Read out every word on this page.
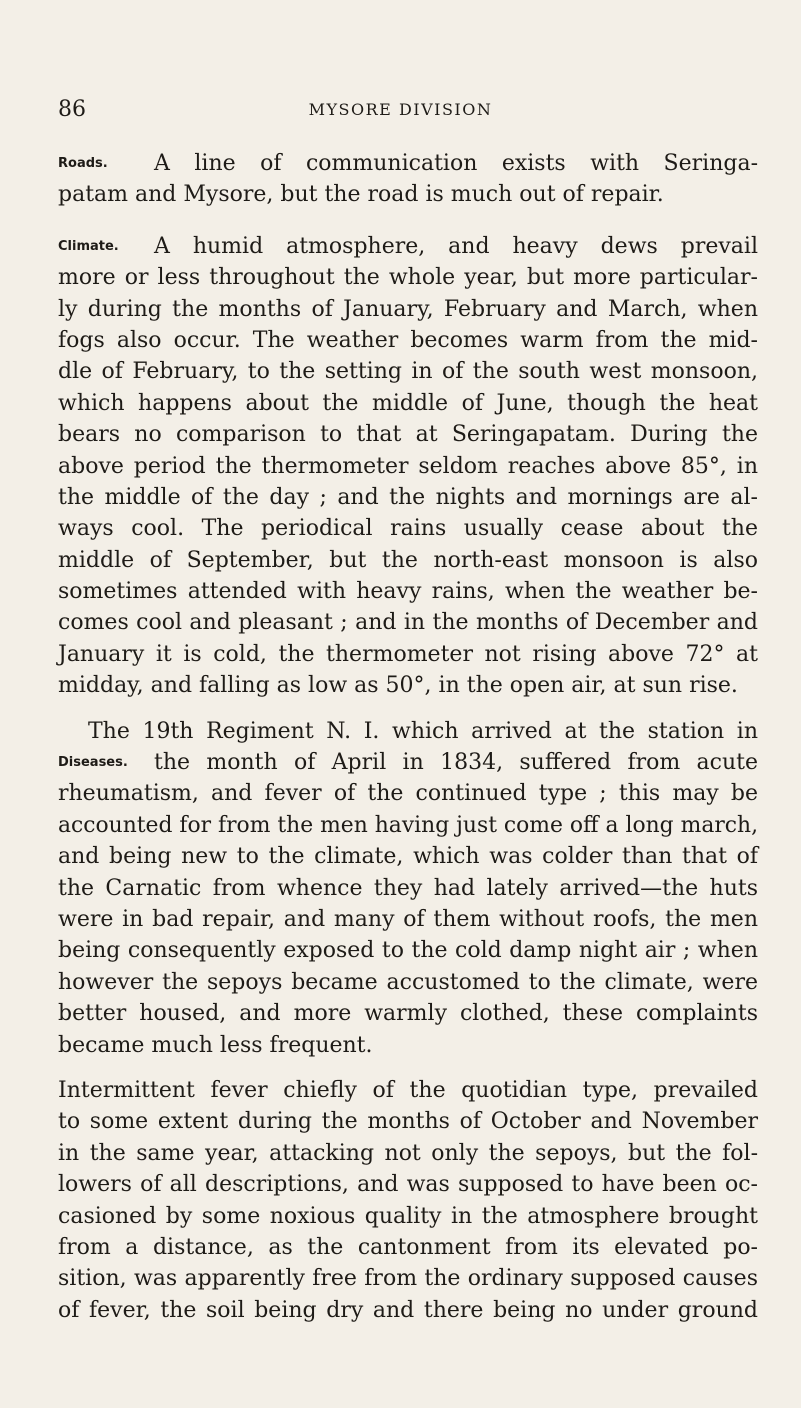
86	MYSORE DIVISION
Roads.	A line of communication exists with Seringa-
patam and Mysore, but the road is much out of repair.
Climate.	A humid atmosphere, and heavy dews prevail
more or less throughout the whole year, but more particular-
ly during the months of January, February and March, when
fogs also occur. The weather becomes warm from the mid-
dle of February, to the setting in of the south west monsoon,
which happens about the middle of June, though the heat
bears no comparison to that at Seringapatam. During the
above period the thermometer seldom reaches above 85°, in
the middle of the day ; and the nights and mornings are al-
ways cool. The periodical rains usually cease about the
middle of September, but the north-east monsoon is also
sometimes attended with heavy rains, when the weather be-
comes cool and pleasant ; and in the months of December and
January it is cold, the thermometer not rising above 72° at
midday, and falling as low as 50°, in the open air, at sun rise.
The 19th Regiment N. I. which arrived at the station in
Diseases.	the month of April in 1834, suffered from acute
rheumatism, and fever of the continued type ; this may be
accounted for from the men having just come off a long march,
and being new to the climate, which was colder than that of
the Carnatic from whence they had lately arrived—the huts
were in bad repair, and many of them without roofs, the men
being consequently exposed to the cold damp night air ; when
however the sepoys became accustomed to the climate, were
better housed, and more warmly clothed, these complaints
became much less frequent.
Intermittent fever chiefly of the quotidian type, prevailed
to some extent during the months of October and November
in the same year, attacking not only the sepoys, but the fol-
lowers of all descriptions, and was supposed to have been oc-
casioned by some noxious quality in the atmosphere brought
from a distance, as the cantonment from its elevated po-
sition, was apparently free from the ordinary supposed causes
of fever, the soil being dry and there being no under ground
